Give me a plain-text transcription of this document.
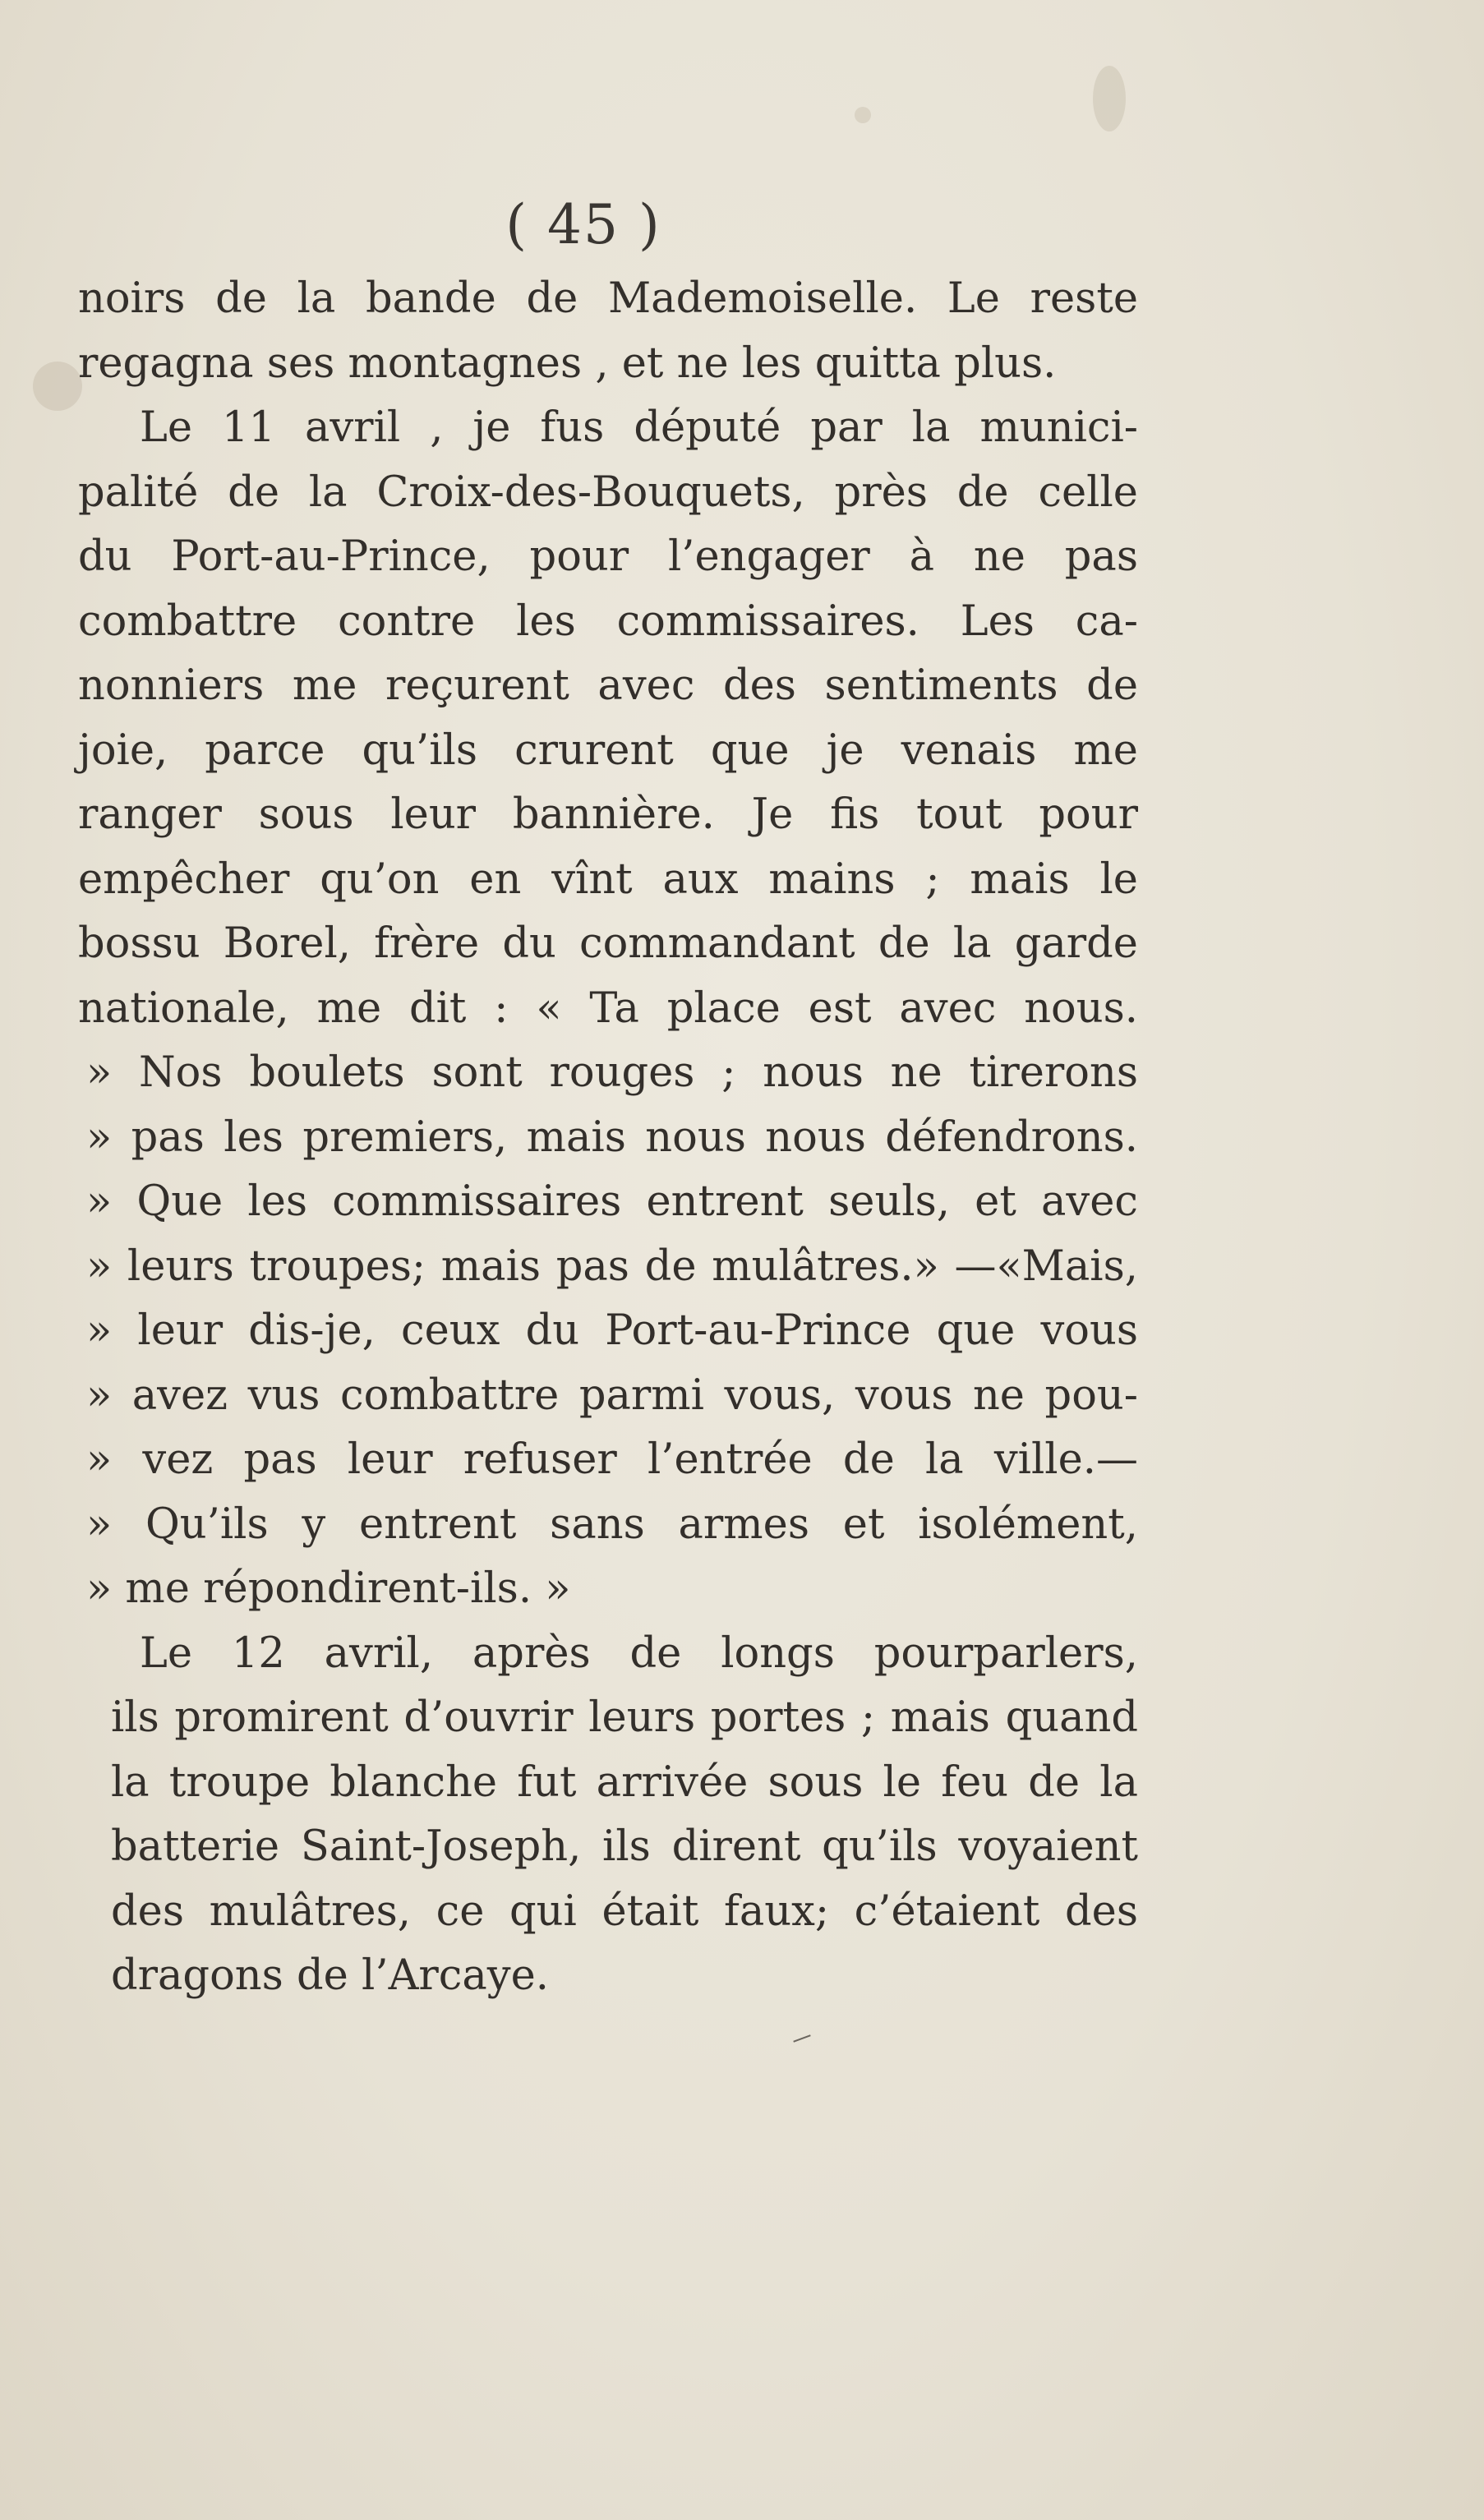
( 45 )
noirs de la bande de Mademoiselle. Le reste
regagna ses montagnes , et ne les quitta plus.
Le 11 avril , je fus député par la munici-
palité de la Croix-des-Bouquets, près de celle
du Port-au-Prince, pour l’engager à ne pas
combattre contre les commissaires. Les ca-
nonniers me reçurent avec des sentiments de
joie, parce qu’ils crurent que je venais me
ranger sous leur bannière. Je fis tout pour
empêcher qu’on en vînt aux mains ; mais le
bossu Borel, frère du commandant de la garde
nationale, me dit : « Ta place est avec nous.
» Nos boulets sont rouges ; nous ne tirerons
» pas les premiers, mais nous nous défendrons.
» Que les commissaires entrent seuls, et avec
» leurs troupes; mais pas de mulâtres.» —«Mais,
» leur dis-je, ceux du Port-au-Prince que vous
» avez vus combattre parmi vous, vous ne pou-
» vez pas leur refuser l’entrée de la ville.—
» Qu’ils y entrent sans armes et isolément,
» me répondirent-ils. »
Le 12 avril, après de longs pourparlers,
ils promirent d’ouvrir leurs portes ; mais quand
la troupe blanche fut arrivée sous le feu de la
batterie Saint-Joseph, ils dirent qu’ils voyaient
des mulâtres, ce qui était faux; c’étaient des
dragons de l’Arcaye.
